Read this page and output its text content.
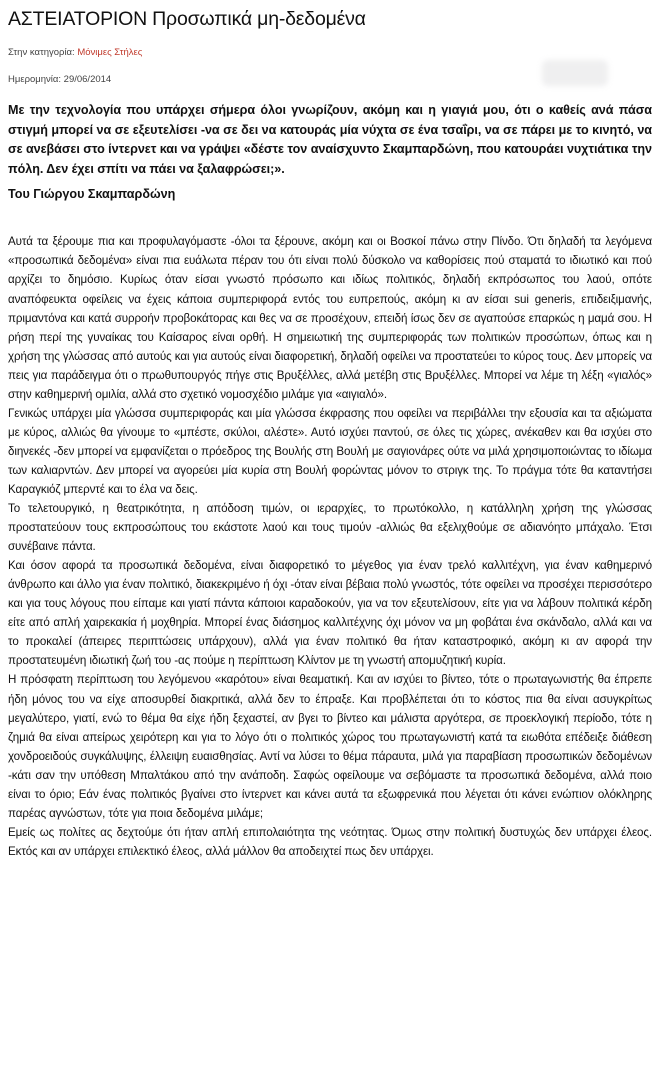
ΑΣΤΕΙΑΤΟΡΙΟΝ Προσωπικά μη-δεδομένα
Στην κατηγορία: Μόνιμες Στήλες
Ημερομηνία: 29/06/2014
Με την τεχνολογία που υπάρχει σήμερα όλοι γνωρίζουν, ακόμη και η γιαγιά μου, ότι ο καθείς ανά πάσα στιγμή μπορεί να σε εξευτελίσει -να σε δει να κατουράς μία νύχτα σε ένα τσαΐρι, να σε πάρει με το κινητό, να σε ανεβάσει στο ίντερνετ και να γράψει «δέστε τον αναίσχυντο Σκαμπαρδώνη, που κατουράει νυχτιάτικα την πόλη. Δεν έχει σπίτι να πάει να ξαλαφρώσει;».
Του Γιώργου Σκαμπαρδώνη

Αυτά τα ξέρουμε πια και προφυλαγόμαστε -όλοι τα ξέρουνε, ακόμη και οι Βοσκοί πάνω στην Πίνδο. Ότι δηλαδή τα λεγόμενα «προσωπικά δεδομένα» είναι πια ευάλωτα πέραν του ότι είναι πολύ δύσκολο να καθορίσεις πού σταματά το ιδιωτικό και πού αρχίζει το δημόσιο. Κυρίως όταν είσαι γνωστό πρόσωπο και ιδίως πολιτικός, δηλαδή εκπρόσωπος του λαού, οπότε αναπόφευκτα οφείλεις να έχεις κάποια συμπεριφορά εντός του ευπρεπούς, ακόμη κι αν είσαι sui generis, επιδειξιμανής, πριμαντόνα και κατά συρροήν προβοκάτορας και θες να σε προσέχουν, επειδή ίσως δεν σε αγαπούσε επαρκώς η μαμά σου. Η ρήση περί της γυναίκας του Καίσαρος είναι ορθή. Η σημειωτική της συμπεριφοράς των πολιτικών προσώπων, όπως και η χρήση της γλώσσας από αυτούς και για αυτούς είναι διαφορετική, δηλαδή οφείλει να προστατεύει το κύρος τους. Δεν μπορείς να πεις για παράδειγμα ότι ο πρωθυπουργός πήγε στις Βρυξέλλες, αλλά μετέβη στις Βρυξέλλες. Μπορεί να λέμε τη λέξη «γιαλός» στην καθημερινή ομιλία, αλλά στο σχετικό νομοσχέδιο μιλάμε για «αιγιαλό».

Γενικώς υπάρχει μία γλώσσα συμπεριφοράς και μία γλώσσα έκφρασης που οφείλει να περιβάλλει την εξουσία και τα αξιώματα με κύρος, αλλιώς θα γίνουμε το «μπέστε, σκύλοι, αλέστε». Αυτό ισχύει παντού, σε όλες τις χώρες, ανέκαθεν και θα ισχύει στο διηνεκές -δεν μπορεί να εμφανίζεται ο πρόεδρος της Βουλής στη Βουλή με σαγιονάρες ούτε να μιλά χρησιμοποιώντας το ιδίωμα των καλιαρντών. Δεν μπορεί να αγορεύει μία κυρία στη Βουλή φορώντας μόνον το στριγκ της. Το πράγμα τότε θα καταντήσει Καραγκιόζ μπερντέ και το έλα να δεις.

Το τελετουργικό, η θεατρικότητα, η απόδοση τιμών, οι ιεραρχίες, το πρωτόκολλο, η κατάλληλη χρήση της γλώσσας προστατεύουν τους εκπροσώπους του εκάστοτε λαού και τους τιμούν -αλλιώς θα εξελιχθούμε σε αδιανόητο μπάχαλο. Έτσι συνέβαινε πάντα.

Και όσον αφορά τα προσωπικά δεδομένα, είναι διαφορετικό το μέγεθος για έναν τρελό καλλιτέχνη, για έναν καθημερινό άνθρωπο και άλλο για έναν πολιτικό, διακεκριμένο ή όχι -όταν είναι βέβαια πολύ γνωστός, τότε οφείλει να προσέχει περισσότερο και για τους λόγους που είπαμε και γιατί πάντα κάποιοι καραδοκούν, για να τον εξευτελίσουν, είτε για να λάβουν πολιτικά κέρδη είτε από απλή χαιρεκακία ή μοχθηρία. Μπορεί ένας διάσημος καλλιτέχνης όχι μόνον να μη φοβάται ένα σκάνδαλο, αλλά και να το προκαλεί (άπειρες περιπτώσεις υπάρχουν), αλλά για έναν πολιτικό θα ήταν καταστροφικό, ακόμη κι αν αφορά την προστατευμένη ιδιωτική ζωή του -ας πούμε η περίπτωση Κλίντον με τη γνωστή απομυζητική κυρία.

Η πρόσφατη περίπτωση του λεγόμενου «καρότου» είναι θεαματική. Και αν ισχύει το βίντεο, τότε ο πρωταγωνιστής θα έπρεπε ήδη μόνος του να είχε αποσυρθεί διακριτικά, αλλά δεν το έπραξε. Και προβλέπεται ότι το κόστος πια θα είναι ασυγκρίτως μεγαλύτερο, γιατί, ενώ το θέμα θα είχε ήδη ξεχαστεί, αν βγει το βίντεο και μάλιστα αργότερα, σε προεκλογική περίοδο, τότε η ζημιά θα είναι απείρως χειρότερη και για το λόγο ότι ο πολιτικός χώρος του πρωταγωνιστή κατά τα ειωθότα επέδειξε διάθεση χονδροειδούς συγκάλυψης, έλλειψη ευαισθησίας. Αντί να λύσει το θέμα πάραυτα, μιλά για παραβίαση προσωπικών δεδομένων -κάτι σαν την υπόθεση Μπαλτάκου από την ανάποδη. Σαφώς οφείλουμε να σεβόμαστε τα προσωπικά δεδομένα, αλλά ποιο είναι το όριο; Εάν ένας πολιτικός βγαίνει στο ίντερνετ και κάνει αυτά τα εξωφρενικά που λέγεται ότι κάνει ενώπιον ολόκληρης παρέας αγνώστων, τότε για ποια δεδομένα μιλάμε;

Εμείς ως πολίτες ας δεχτούμε ότι ήταν απλή επιπολαιότητα της νεότητας. Όμως στην πολιτική δυστυχώς δεν υπάρχει έλεος. Εκτός και αν υπάρχει επιλεκτικό έλεος, αλλά μάλλον θα αποδειχτεί πως δεν υπάρχει.
